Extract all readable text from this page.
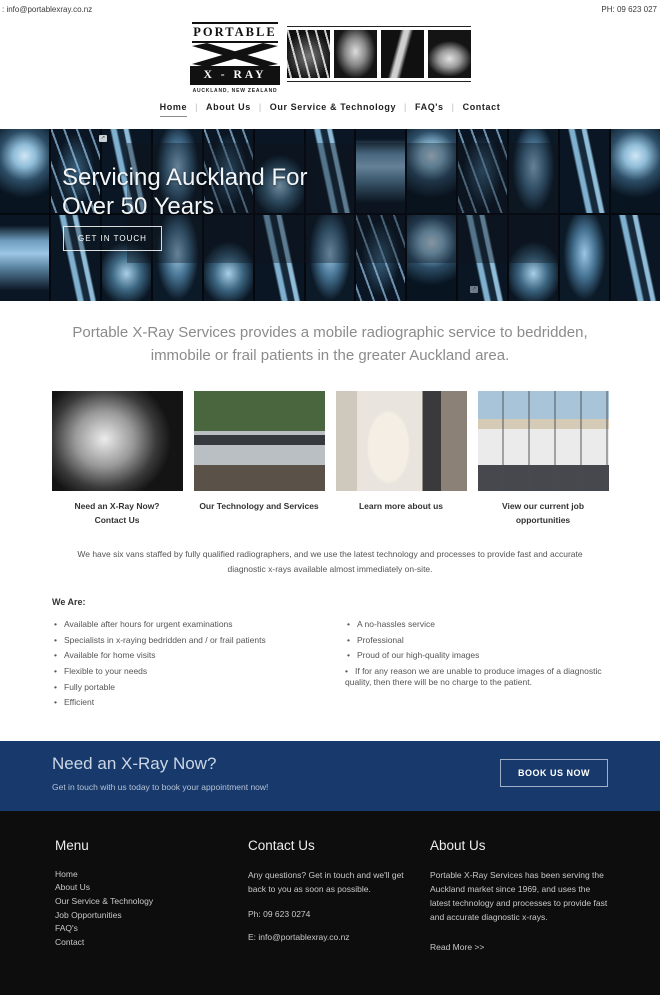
: info@portablexray.co.nz	PH: 09 623 027
PORTABLE
X - RAY
AUCKLAND, NEW ZEALAND
Home | About Us | Our Service & Technology | FAQ's | Contact
↗
↗
Servicing Auckland For
Over 50 Years
GET IN TOUCH
Portable X-Ray Services provides a mobile radiographic service to bedridden, immobile or frail patients in the greater Auckland area.
Need an X-Ray Now?
Contact Us
Our Technology and Services	Learn more about us	View our current job opportunities
We have six vans staffed by fully qualified radiographers, and we use the latest technology and processes to provide fast and accurate diagnostic x-rays available almost immediately on-site.
We Are:
• Available after hours for urgent examinations
• Specialists in x-raying bedridden and / or frail patients
• Available for home visits
• Flexible to your needs
• Fully portable
• Efficient
• A no-hassles service
• Professional
• Proud of our high-quality images
• If for any reason we are unable to produce images of a diagnostic quality, then there will be no charge to the patient.
Need an X-Ray Now?
Get in touch with us today to book your appointment now!
BOOK US NOW
Menu
Home
About Us
Our Service & Technology
Job Opportunities
FAQ's
Contact
Contact Us

Any questions? Get in touch and we'll get back to you as soon as possible.

Ph: 09 623 0274
E: info@portablexray.co.nz
About Us

Portable X-Ray Services has been serving the Auckland market since 1969, and uses the latest technology and processes to provide fast and accurate diagnostic x-rays.

Read More >>
